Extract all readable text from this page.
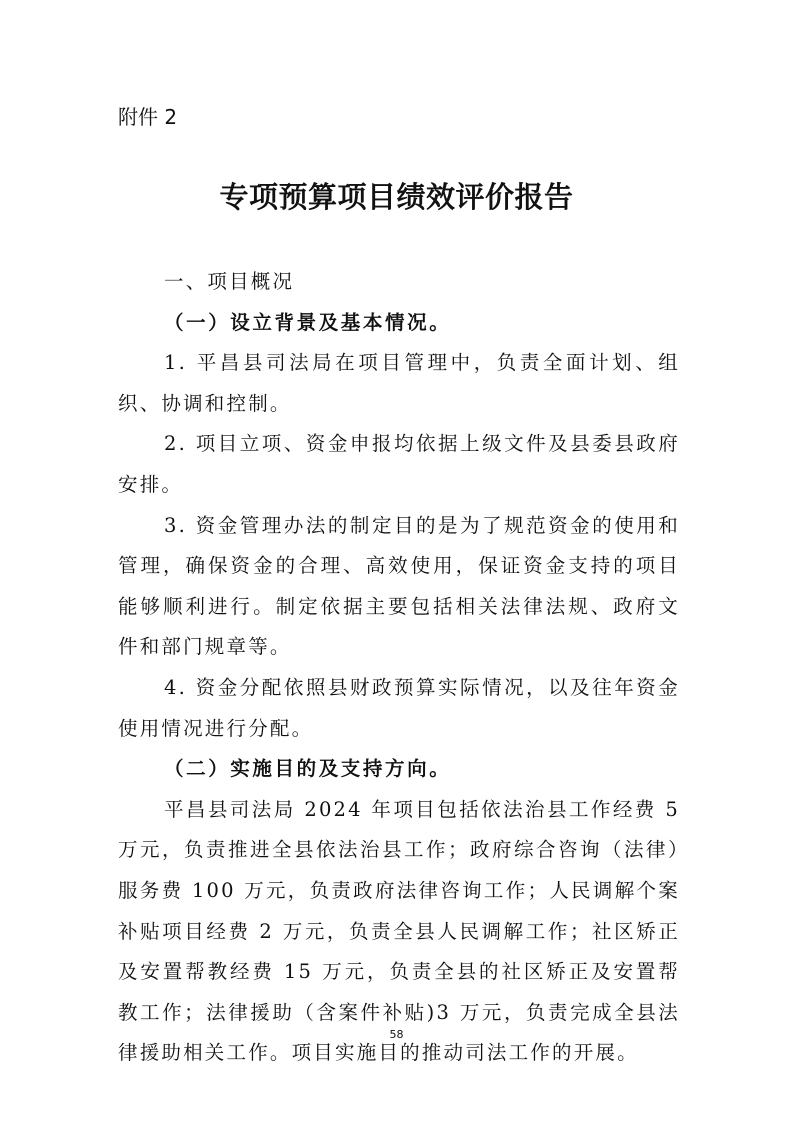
附件 2
专项预算项目绩效评价报告

一、项目概况

（一）设立背景及基本情况。

1. 平昌县司法局在项目管理中，负责全面计划、组织、协调和控制。

2. 项目立项、资金申报均依据上级文件及县委县政府安排。

3. 资金管理办法的制定目的是为了规范资金的使用和管理，确保资金的合理、高效使用，保证资金支持的项目能够顺利进行。制定依据主要包括相关法律法规、政府文件和部门规章等。

4. 资金分配依照县财政预算实际情况，以及往年资金使用情况进行分配。

（二）实施目的及支持方向。

平昌县司法局 2024 年项目包括依法治县工作经费 5 万元，负责推进全县依法治县工作；政府综合咨询（法律）服务费 100 万元，负责政府法律咨询工作；人民调解个案补贴项目经费 2 万元，负责全县人民调解工作；社区矫正及安置帮教经费 15 万元，负责全县的社区矫正及安置帮教工作；法律援助（含案件补贴)3 万元，负责完成全县法律援助相关工作。项目实施目的推动司法工作的开展。

58
